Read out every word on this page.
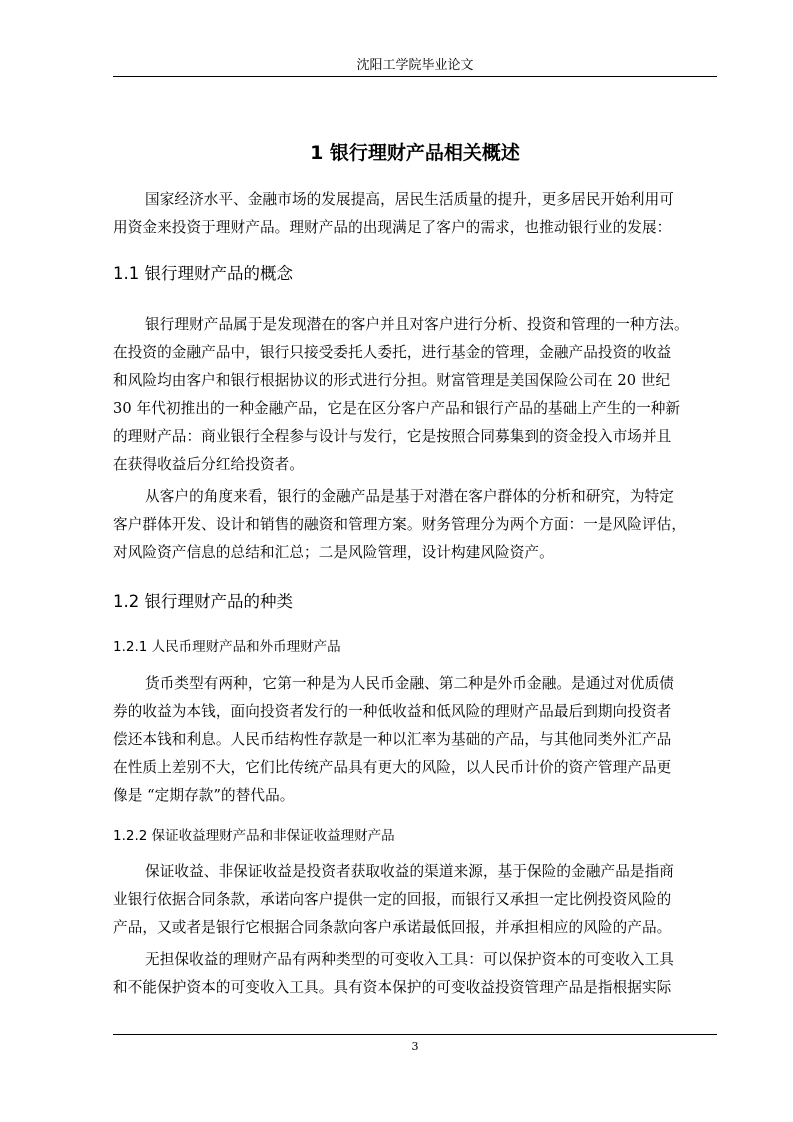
沈阳工学院毕业论文
1 银行理财产品相关概述
国家经济水平、金融市场的发展提高，居民生活质量的提升，更多居民开始利用可
用资金来投资于理财产品。理财产品的出现满足了客户的需求，也推动银行业的发展：
1.1 银行理财产品的概念
银行理财产品属于是发现潜在的客户并且对客户进行分析、投资和管理的一种方法。
在投资的金融产品中，银行只接受委托人委托，进行基金的管理，金融产品投资的收益
和风险均由客户和银行根据协议的形式进行分担。财富管理是美国保险公司在 20 世纪
30 年代初推出的一种金融产品，它是在区分客户产品和银行产品的基础上产生的一种新
的理财产品：商业银行全程参与设计与发行，它是按照合同募集到的资金投入市场并且
在获得收益后分红给投资者。
从客户的角度来看，银行的金融产品是基于对潜在客户群体的分析和研究，为特定
客户群体开发、设计和销售的融资和管理方案。财务管理分为两个方面：一是风险评估，
对风险资产信息的总结和汇总；二是风险管理，设计构建风险资产。
1.2 银行理财产品的种类
1.2.1 人民币理财产品和外币理财产品
货币类型有两种，它第一种是为人民币金融、第二种是外币金融。是通过对优质债
券的收益为本钱，面向投资者发行的一种低收益和低风险的理财产品最后到期向投资者
偿还本钱和利息。人民币结构性存款是一种以汇率为基础的产品，与其他同类外汇产品
在性质上差别不大，它们比传统产品具有更大的风险，以人民币计价的资产管理产品更
像是 “定期存款”的替代品。
1.2.2 保证收益理财产品和非保证收益理财产品
保证收益、非保证收益是投资者获取收益的渠道来源，基于保险的金融产品是指商
业银行依据合同条款，承诺向客户提供一定的回报，而银行又承担一定比例投资风险的
产品，又或者是银行它根据合同条款向客户承诺最低回报，并承担相应的风险的产品。
无担保收益的理财产品有两种类型的可变收入工具：可以保护资本的可变收入工具
和不能保护资本的可变收入工具。具有资本保护的可变收益投资管理产品是指根据实际
3
